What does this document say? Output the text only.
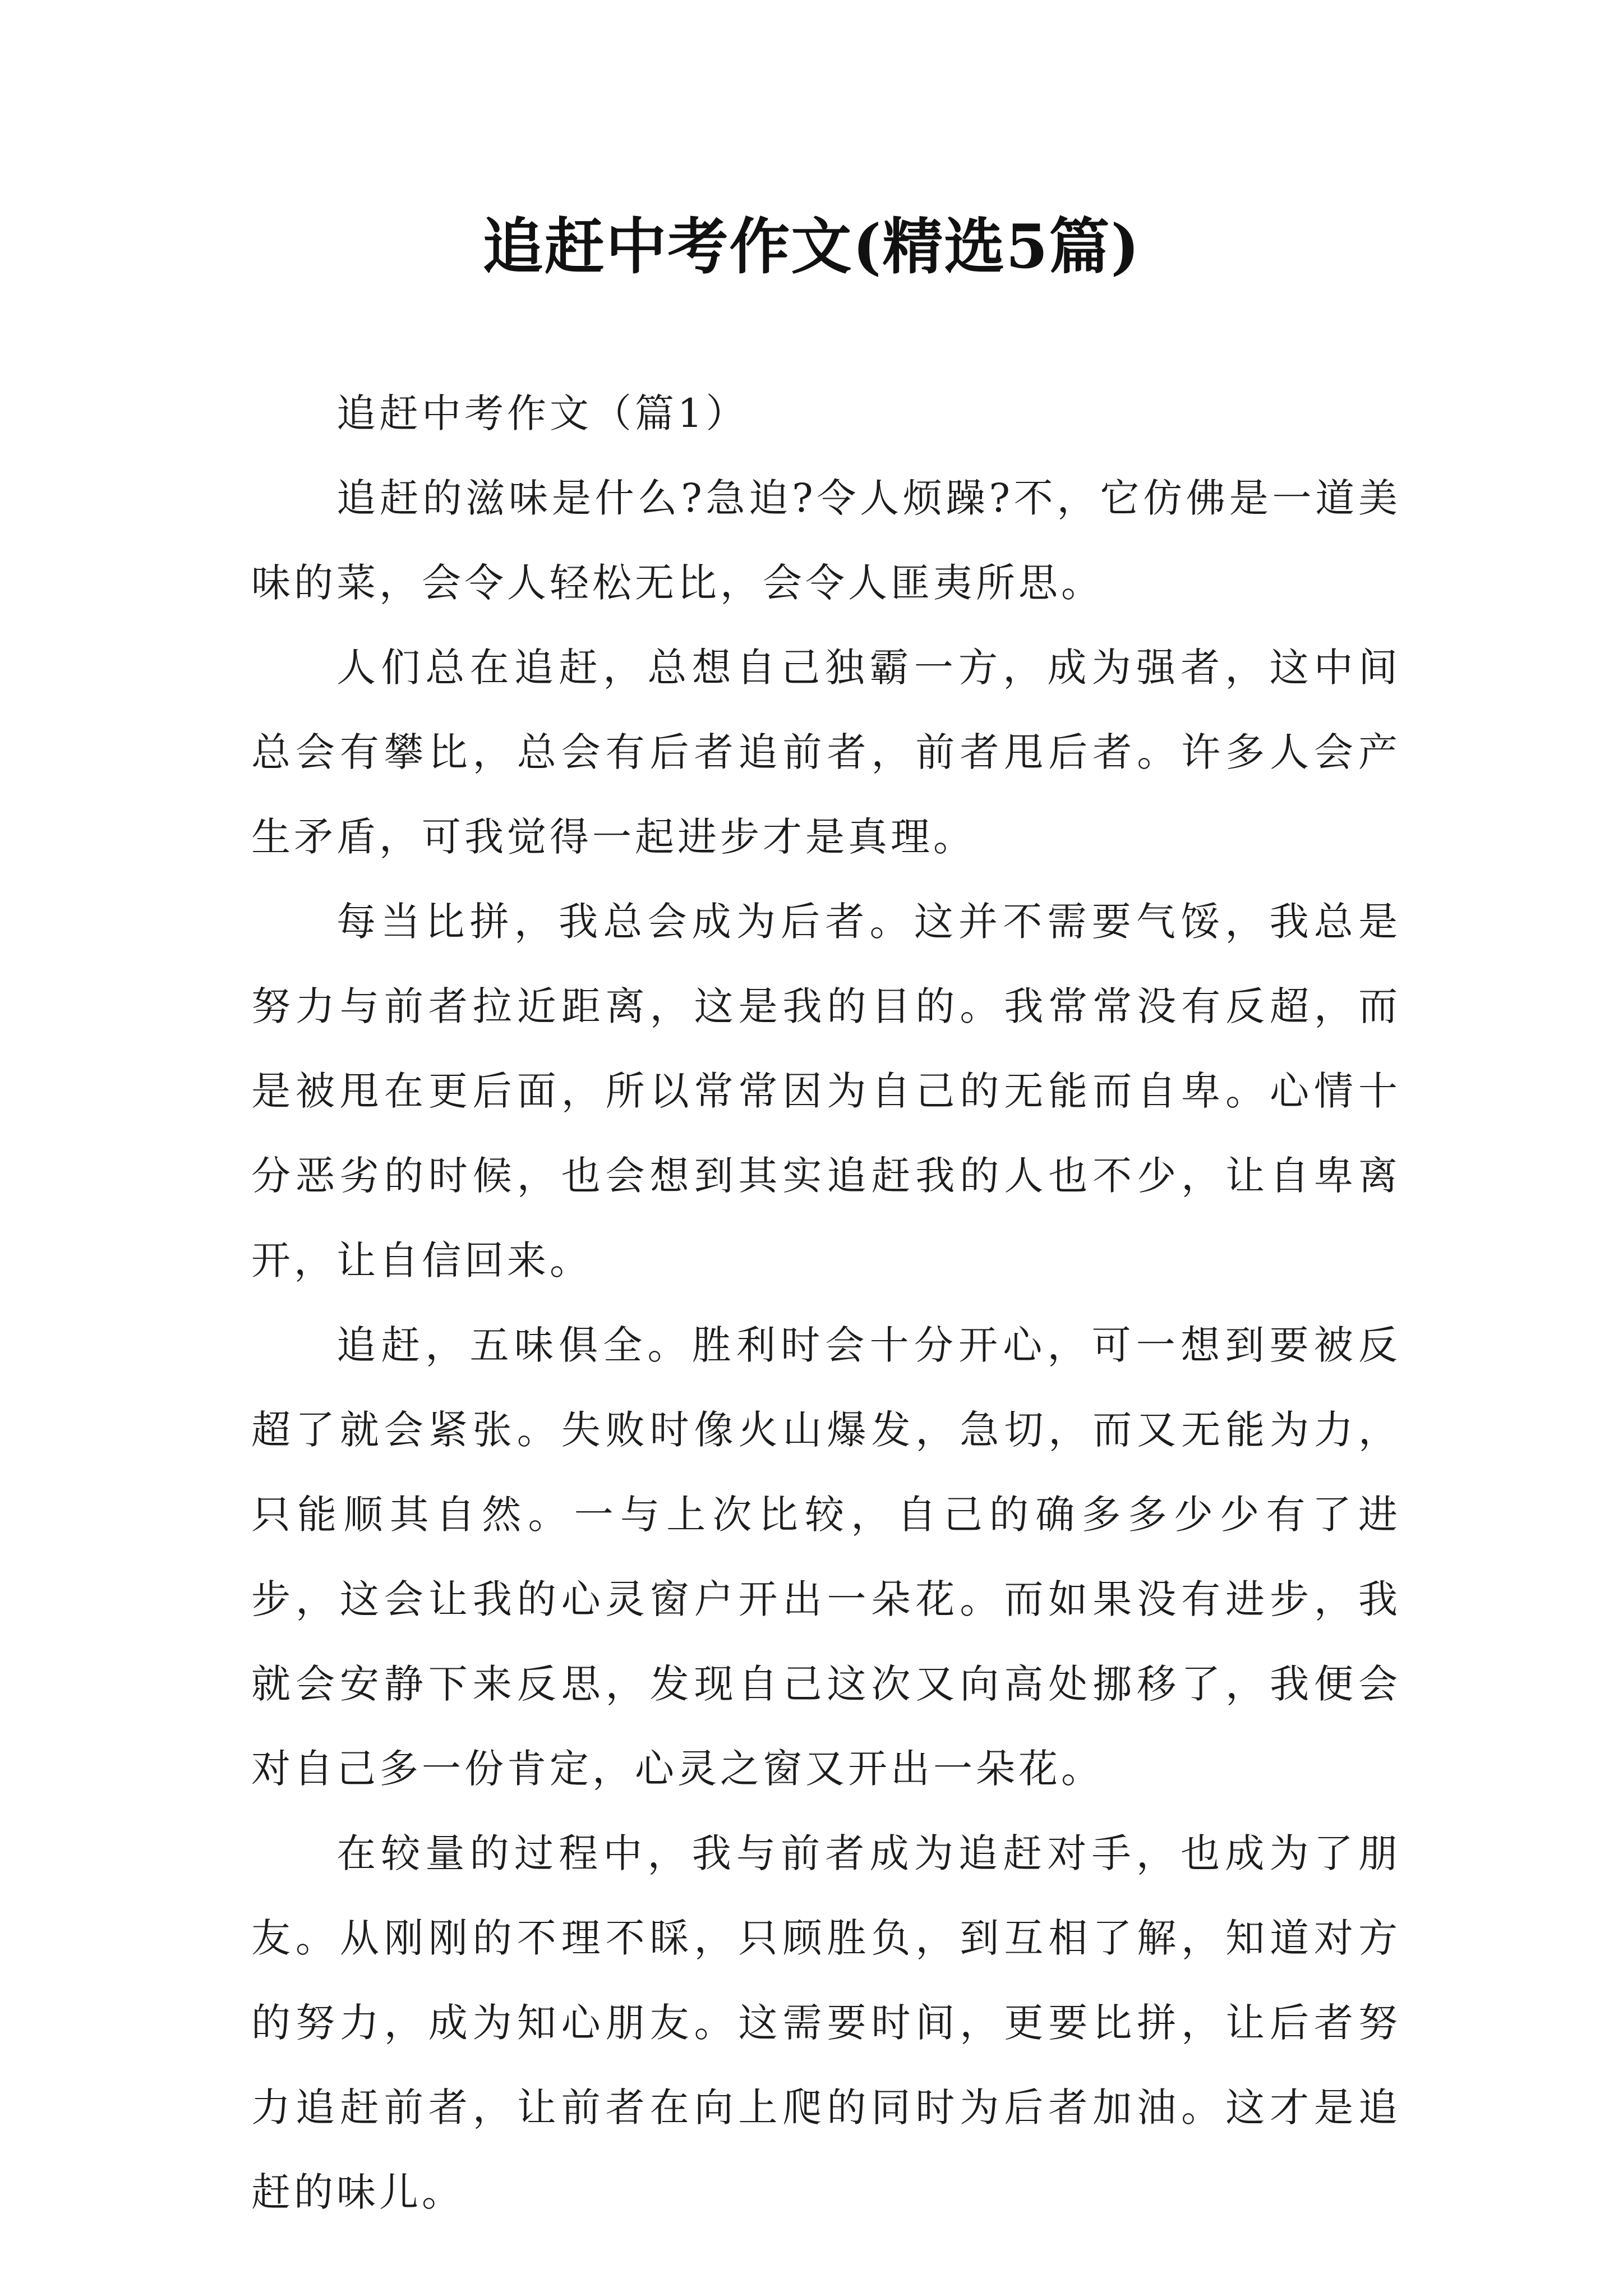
追赶中考作文(精选5篇)

追赶中考作文（篇1）

追赶的滋味是什么?急迫?令人烦躁?不，它仿佛是一道美味的菜，会令人轻松无比，会令人匪夷所思。

人们总在追赶，总想自己独霸一方，成为强者，这中间总会有攀比，总会有后者追前者，前者甩后者。许多人会产生矛盾，可我觉得一起进步才是真理。

每当比拼，我总会成为后者。这并不需要气馁，我总是努力与前者拉近距离，这是我的目的。我常常没有反超，而是被甩在更后面，所以常常因为自己的无能而自卑。心情十分恶劣的时候，也会想到其实追赶我的人也不少，让自卑离开，让自信回来。

追赶，五味俱全。胜利时会十分开心，可一想到要被反超了就会紧张。失败时像火山爆发，急切，而又无能为力，只能顺其自然。一与上次比较，自己的确多多少少有了进步，这会让我的心灵窗户开出一朵花。而如果没有进步，我就会安静下来反思，发现自己这次又向高处挪移了，我便会对自己多一份肯定，心灵之窗又开出一朵花。

在较量的过程中，我与前者成为追赶对手，也成为了朋友。从刚刚的不理不睬，只顾胜负，到互相了解，知道对方的努力，成为知心朋友。这需要时间，更要比拼，让后者努力追赶前者，让前者在向上爬的同时为后者加油。这才是追赶的味儿。
